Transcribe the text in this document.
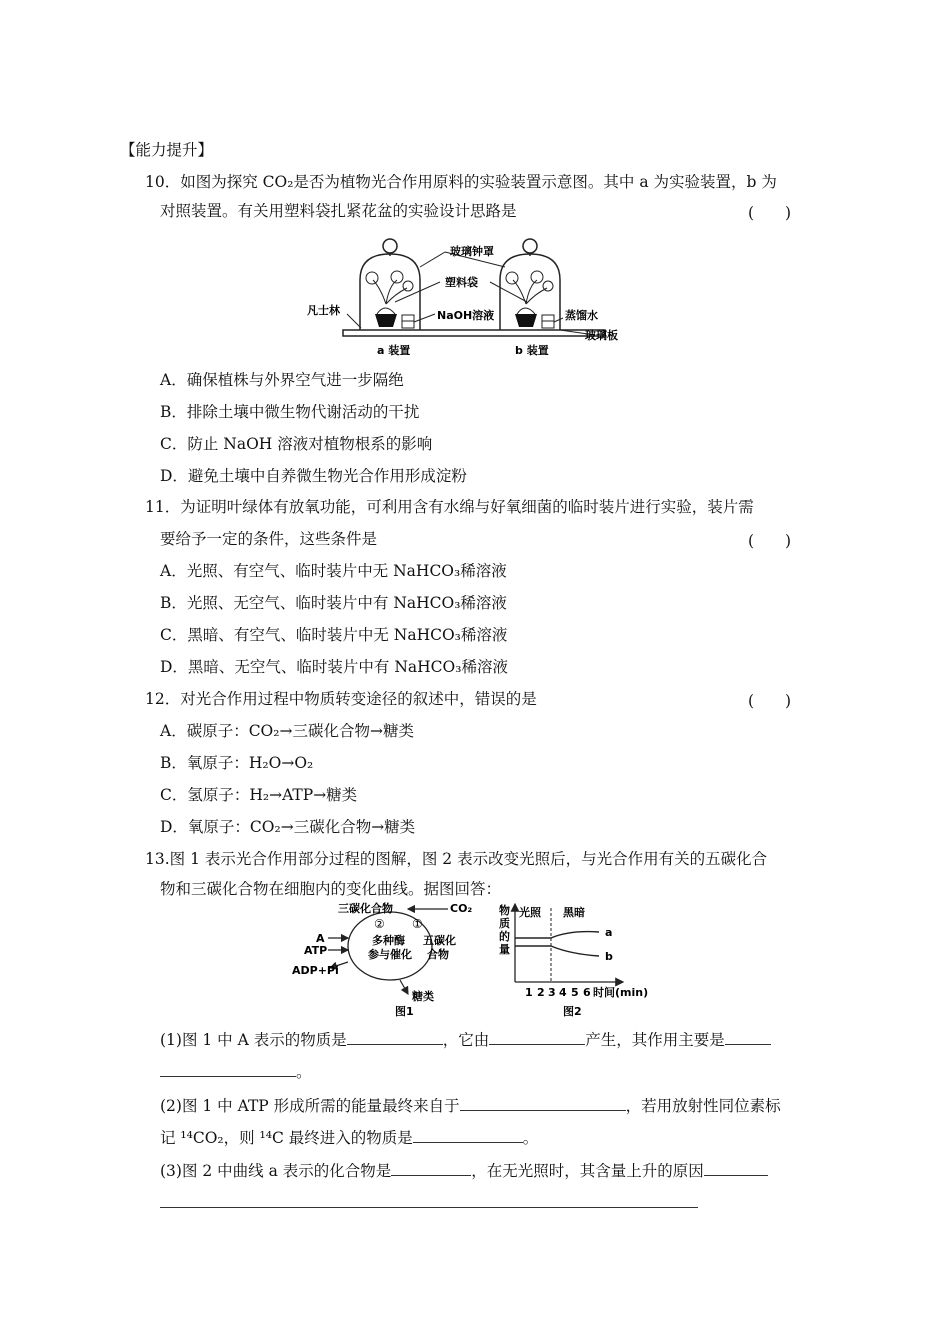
【能力提升】
10．如图为探究 CO₂是否为植物光合作用原料的实验装置示意图。其中 a 为实验装置，b 为
对照装置。有关用塑料袋扎紧花盆的实验设计思路是	(　　)
玻璃钟罩
塑料袋
凡士林	NaOH溶液	蒸馏水
玻璃板
a 装置	b 装置
A．确保植株与外界空气进一步隔绝
B．排除土壤中微生物代谢活动的干扰
C．防止 NaOH 溶液对植物根系的影响
D．避免土壤中自养微生物光合作用形成淀粉
11．为证明叶绿体有放氧功能，可利用含有水绵与好氧细菌的临时装片进行实验，装片需
要给予一定的条件，这些条件是	(　　)
A．光照、有空气、临时装片中无 NaHCO₃稀溶液
B．光照、无空气、临时装片中有 NaHCO₃稀溶液
C．黑暗、有空气、临时装片中无 NaHCO₃稀溶液
D．黑暗、无空气、临时装片中有 NaHCO₃稀溶液
12．对光合作用过程中物质转变途径的叙述中，错误的是	(　　)
A．碳原子：CO₂→三碳化合物→糖类
B．氧原子：H₂O→O₂
C．氢原子：H₂→ATP→糖类
D．氧原子：CO₂→三碳化合物→糖类
13.图 1 表示光合作用部分过程的图解，图 2 表示改变光照后，与光合作用有关的五碳化合
物和三碳化合物在细胞内的变化曲线。据图回答：
三碳化合物	CO₂
② ①
多种酶
参与催化
五碳化
合物
A
ATP
ADP+Pi
糖类
图1
物
质
的
量
光照 黑暗
a
b
1 2 3 4 5 6 时间(min)
图2
(1)图 1 中 A 表示的物质是	，它由	产生，其作用主要是
。
(2)图 1 中 ATP 形成所需的能量最终来自于	，若用放射性同位素标
记 ¹⁴CO₂，则 ¹⁴C 最终进入的物质是	。
(3)图 2 中曲线 a 表示的化合物是	，在无光照时，其含量上升的原因
